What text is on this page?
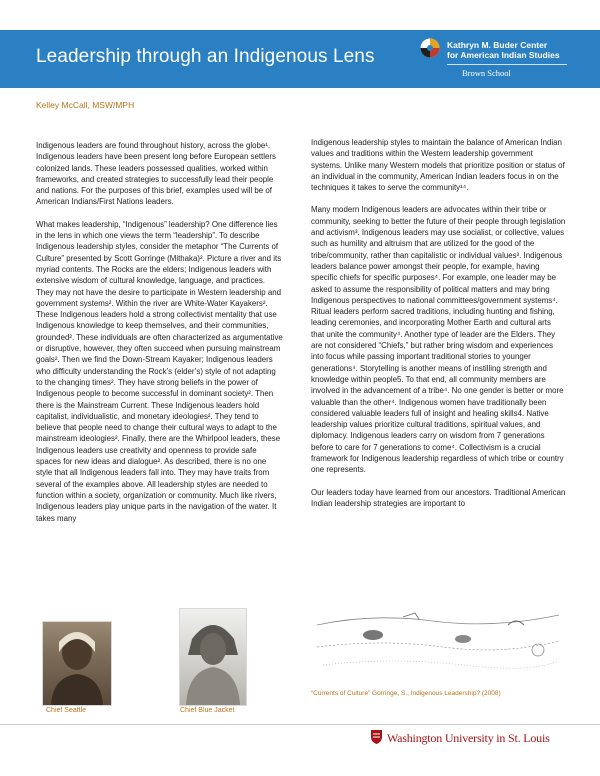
Leadership through an Indigenous Lens
Kathryn M. Buder Center
for American Indian Studies
Brown School
Kelley McCall, MSW/MPH

Indigenous leaders are found throughout history, across the globe¹. Indigenous leaders have been present long before European settlers colonized lands. These leaders possessed qualities, worked within frameworks, and created strategies to successfully lead their people and nations. For the purposes of this brief, examples used will be of American Indians/First Nations leaders.

What makes leadership, “Indigenous” leadership? One difference lies in the lens in which one views the term “leadership”. To describe Indigenous leadership styles, consider the metaphor “The Currents of Culture” presented by Scott Gorringe (Mithaka)². Picture a river and its myriad contents. The Rocks are the elders; Indigenous leaders with extensive wisdom of cultural knowledge, language, and practices. They may not have the desire to participate in Western leadership and government systems². Within the river are White-Water Kayakers². These Indigenous leaders hold a strong collectivist mentality that use Indigenous knowledge to keep themselves, and their communities, grounded². These individuals are often characterized as argumentative or disruptive, however, they often succeed when pursuing mainstream goals². Then we find the Down-Stream Kayaker; Indigenous leaders who difficulty understanding the Rock’s (elder’s) style of not adapting to the changing times². They have strong beliefs in the power of Indigenous people to become successful in dominant society². Then there is the Mainstream Current. These Indigenous leaders hold capitalist, individualistic, and monetary ideologies². They tend to believe that people need to change their cultural ways to adapt to the mainstream ideologies². Finally, there are the Whirlpool leaders, these Indigenous leaders use creativity and openness to provide safe spaces for new ideas and dialogue². As described, there is no one style that all Indigenous leaders fall into. They may have traits from several of the examples above. All leadership styles are needed to function within a society, organization or community. Much like rivers, Indigenous leaders play unique parts in the navigation of the water. It takes many

Indigenous leadership styles to maintain the balance of American Indian values and traditions within the Western leadership government systems. Unlike many Western models that prioritize position or status of an individual in the community, American Indian leaders focus in on the techniques it takes to serve the community¹⁴.

Many modern Indigenous leaders are advocates within their tribe or community, seeking to better the future of their people through legislation and activism³. Indigenous leaders may use socialist, or collective, values such as humility and altruism that are utilized for the good of the tribe/community, rather than capitalistic or individual values³. Indigenous leaders balance power amongst their people, for example, having specific chiefs for specific purposes⁴. For example, one leader may be asked to assume the responsibility of political matters and may bring Indigenous perspectives to national committees/government systems⁴. Ritual leaders perform sacred traditions, including hunting and fishing, leading ceremonies, and incorporating Mother Earth and cultural arts that unite the community⁴. Another type of leader are the Elders. They are not considered “Chiefs,” but rather bring wisdom and experiences into focus while passing important traditional stories to younger generations⁴. Storytelling is another means of instilling strength and knowledge within people5. To that end, all community members are involved in the advancement of a tribe⁴. No one gender is better or more valuable than the other⁴. Indigenous women have traditionally been considered valuable leaders full of insight and healing skills4. Native leadership values prioritize cultural traditions, spiritual values, and diplomacy. Indigenous leaders carry on wisdom from 7 generations before to care for 7 generations to come⁴. Collectivism is a crucial framework for Indigenous leadership regardless of which tribe or country one represents.

Our leaders today have learned from our ancestors. Traditional American Indian leadership strategies are important to

Chief Seattle	Chief Blue Jacket
“Currents of Culture” Gorringe, S., Indigenous Leadership? (2008)
Washington University in St. Louis
